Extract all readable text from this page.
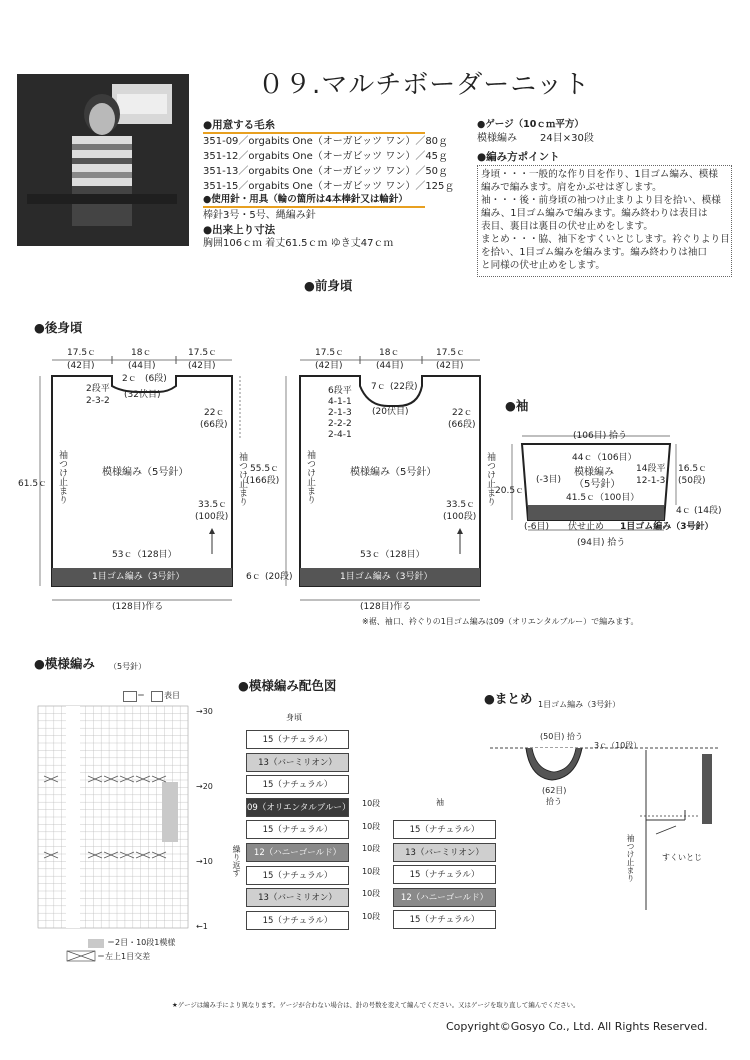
０９.マルチボーダーニット
●用意する毛糸
351-09／orgabits One（オーガビッツ ワン）／80ｇ
351-12／orgabits One（オーガビッツ ワン）／45ｇ
351-13／orgabits One（オーガビッツ ワン）／50ｇ
351-15／orgabits One（オーガビッツ ワン）／125ｇ
●使用針・用具（輪の箇所は4本棒針又は輪針）
棒針3号・5号、縄編み針
●出来上り寸法
胸囲106ｃｍ 着丈61.5ｃｍ ゆき丈47ｃｍ
●ゲージ（10ｃｍ平方）
模様編み 24目×30段
●編み方ポイント
身頃・・・一般的な作り目を作り、1目ゴム編み、模様
編みで編みます。肩をかぶせはぎします。
袖・・・後・前身頃の袖つけ止まりより目を拾い、模様
編み、1目ゴム編みで編みます。編み終わりは表目は
表目、裏目は裏目の伏せ止めをします。
まとめ・・・脇、袖下をすくいとじします。衿ぐりより目
を拾い、1目ゴム編みを編みます。編み終わりは袖口
と同様の伏せ止めをします。
●前身頃
●後身頃
17.5ｃ
(42目)
18ｃ
(44目)
17.5ｃ
(42目)
2ｃ (6段)
2段平
2-3-2
(32伏目)
22ｃ
(66段)
模様編み（5号針）
袖つけ止まり	袖つけ止まり
33.5ｃ
(100段)
53ｃ（128目）
1目ゴム編み（3号針）
(128目)作る
61.5ｃ
17.5ｃ
(42目)
18ｃ
(44目)
17.5ｃ
(42目)
7ｃ (22段)
6段平
4-1-1
2-1-3
2-2-2
2-4-1
(20伏目)	22ｃ
(66段)
模様編み（5号針）
袖つけ止まり	袖つけ止まり
33.5ｃ
(100段)
53ｃ（128目）
1目ゴム編み（3号針）
(128目)作る
55.5ｃ
(166段)
6ｃ (20段)
※裾、袖口、衿ぐりの1目ゴム編みは09（オリエンタルブルー）で編みます。
●袖
(106目) 拾う
44ｃ（106目）
(-3目)
模様編み
（5号針）
14段平
12-1-3
16.5ｃ
(50段)
20.5ｃ
41.5ｃ（100目）
4ｃ (14段)
(-6目) 伏せ止め 1目ゴム編み（3号針）
(94目) 拾う
●模様編み （5号針）
＝ 表目
→30
→20
→10
←1
＝2目・10段1模様
＝左上1目交差
●模様編み配色図
身頃
袖
繰り返す
15（ナチュラル）
13（バーミリオン）
15（ナチュラル）
09（オリエンタルブルー）
15（ナチュラル）
12（ハニーゴールド）
15（ナチュラル）
13（バーミリオン）
15（ナチュラル）
15（ナチュラル）
13（バーミリオン）
15（ナチュラル）
12（ハニーゴールド）
15（ナチュラル）
10段
10段
10段
10段
10段
10段
●まとめ 1目ゴム編み（3号針）
(50目) 拾う
3ｃ（10段）
(62目)
拾う
袖つけ止まり	すくいとじ
★ゲージは編み手により異なります。ゲージが合わない場合は、針の号数を変えて編んでください。又はゲージを取り直して編んでください。
Copyright©Gosyo Co., Ltd. All Rights Reserved.
